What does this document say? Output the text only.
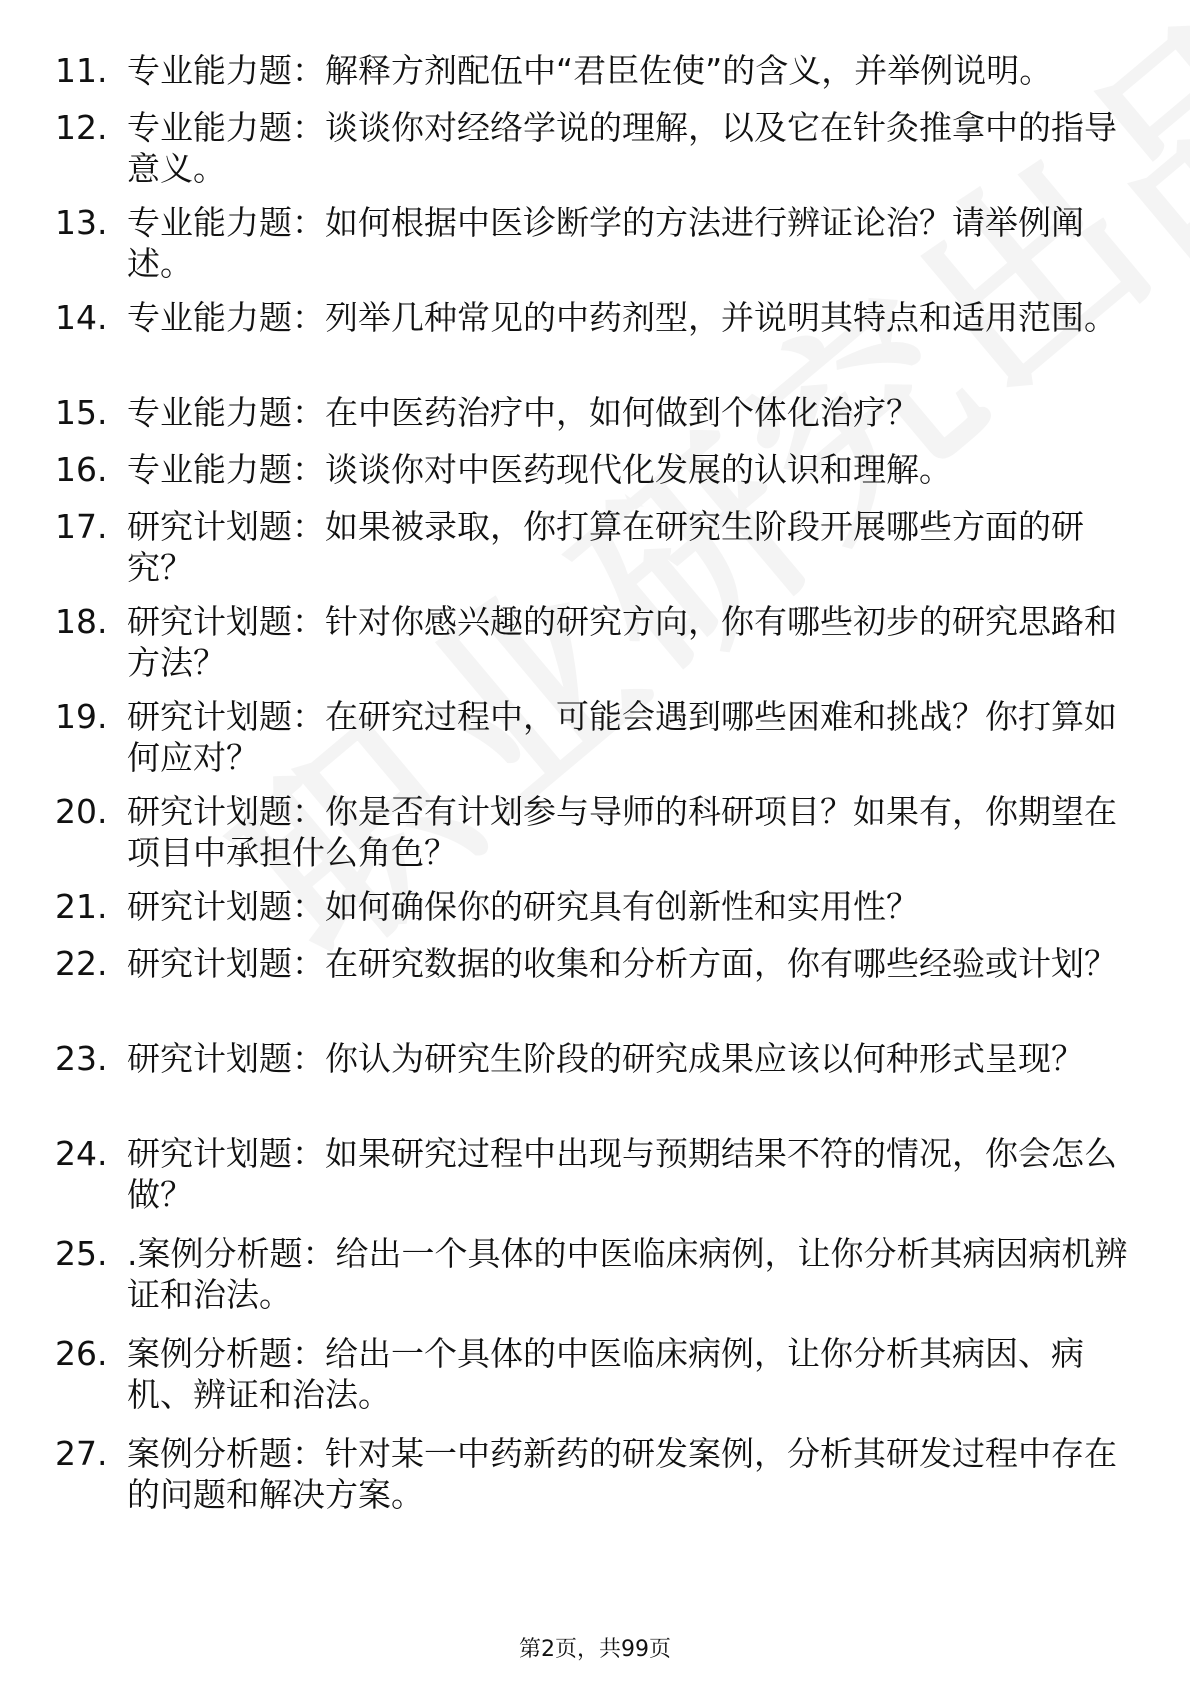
11. 专业能力题：解释方剂配伍中“君臣佐使”的含义，并举例说明。
12. 专业能力题：谈谈你对经络学说的理解，以及它在针灸推拿中的指导意义。
13. 专业能力题：如何根据中医诊断学的方法进行辨证论治？请举例阐述。
14. 专业能力题：列举几种常见的中药剂型，并说明其特点和适用范围。
15. 专业能力题：在中医药治疗中，如何做到个体化治疗？
16. 专业能力题：谈谈你对中医药现代化发展的认识和理解。
17. 研究计划题：如果被录取，你打算在研究生阶段开展哪些方面的研究？
18. 研究计划题：针对你感兴趣的研究方向，你有哪些初步的研究思路和方法？
19. 研究计划题：在研究过程中，可能会遇到哪些困难和挑战？你打算如何应对？
20. 研究计划题：你是否有计划参与导师的科研项目？如果有，你期望在项目中承担什么角色？
21. 研究计划题：如何确保你的研究具有创新性和实用性？
22. 研究计划题：在研究数据的收集和分析方面，你有哪些经验或计划？
23. 研究计划题：你认为研究生阶段的研究成果应该以何种形式呈现？
24. 研究计划题：如果研究过程中出现与预期结果不符的情况，你会怎么做？
25. .案例分析题：给出一个具体的中医临床病例，让你分析其病因病机辨证和治法。
26. 案例分析题：给出一个具体的中医临床病例，让你分析其病因、病机、辨证和治法。
27. 案例分析题：针对某一中药新药的研发案例，分析其研发过程中存在的问题和解决方案。
第2页，共99页
